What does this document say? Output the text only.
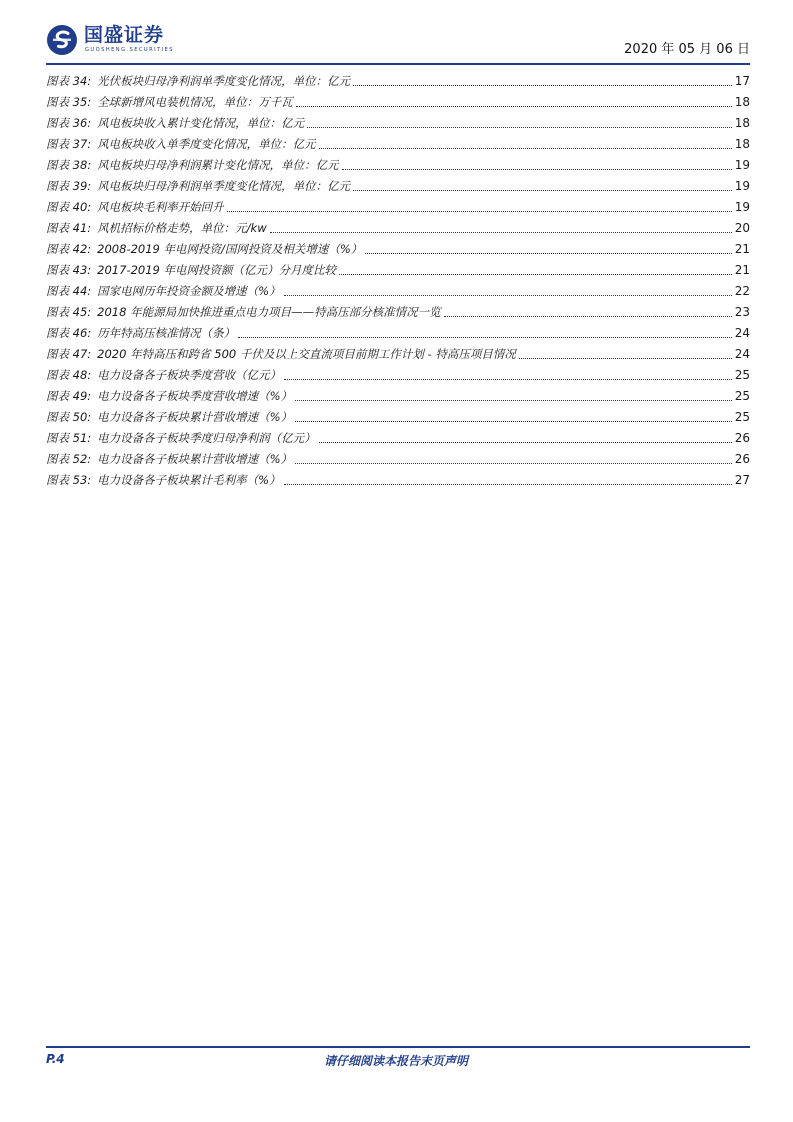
国盛证券
GUOSHENG SECURITIES	2020 年 05 月 06 日
图表 34: 光伏板块归母净利润单季度变化情况，单位：亿元	17
图表 35: 全球新增风电装机情况，单位：万千瓦	18
图表 36: 风电板块收入累计变化情况，单位：亿元	18
图表 37: 风电板块收入单季度变化情况，单位：亿元	18
图表 38: 风电板块归母净利润累计变化情况，单位：亿元	19
图表 39: 风电板块归母净利润单季度变化情况，单位：亿元	19
图表 40: 风电板块毛利率开始回升	19
图表 41: 风机招标价格走势，单位：元/kw	20
图表 42: 2008-2019 年电网投资/国网投资及相关增速（%）	21
图表 43: 2017-2019 年电网投资额（亿元）分月度比较	21
图表 44: 国家电网历年投资金额及增速（%）	22
图表 45: 2018 年能源局加快推进重点电力项目——特高压部分核准情况一览	23
图表 46: 历年特高压核准情况（条）	24
图表 47: 2020 年特高压和跨省 500 千伏及以上交直流项目前期工作计划 - 特高压项目情况	24
图表 48: 电力设备各子板块季度营收（亿元）	25
图表 49: 电力设备各子板块季度营收增速（%）	25
图表 50: 电力设备各子板块累计营收增速（%）	25
图表 51: 电力设备各子板块季度归母净利润（亿元）	26
图表 52: 电力设备各子板块累计营收增速（%）	26
图表 53: 电力设备各子板块累计毛利率（%）	27
P.4	请仔细阅读本报告末页声明
